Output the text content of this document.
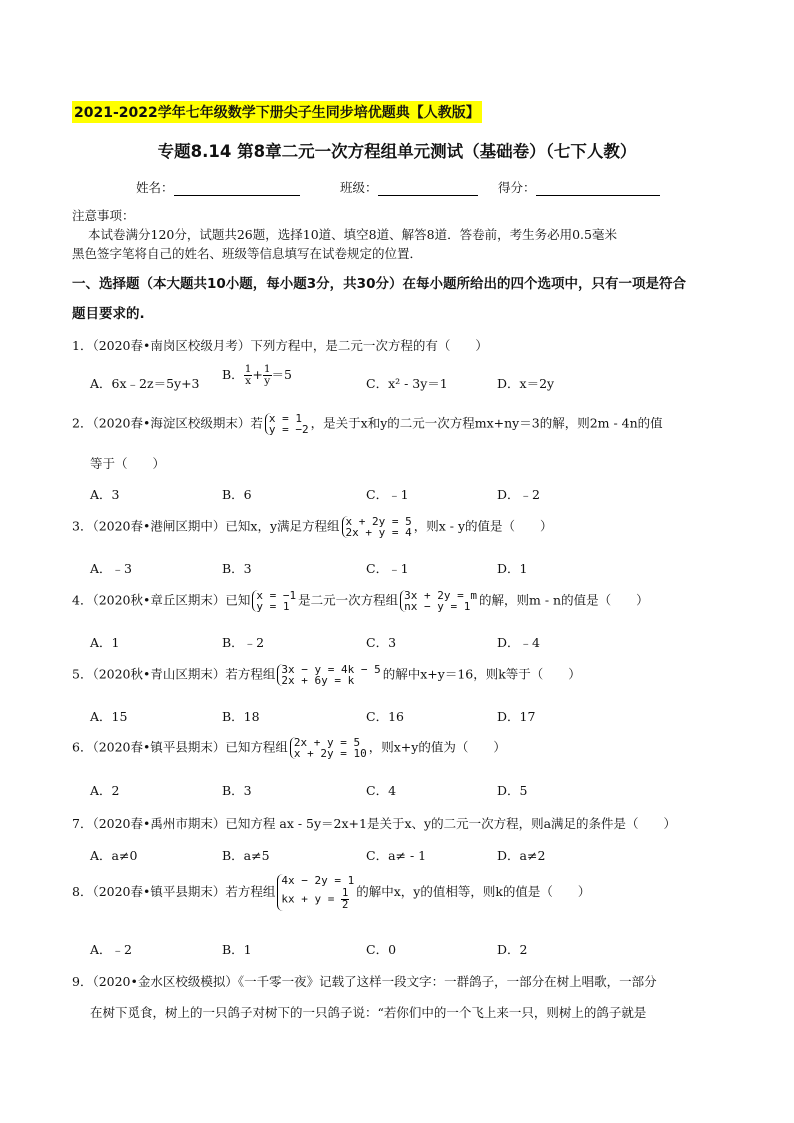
2021-2022学年七年级数学下册尖子生同步培优题典【人教版】
专题8.14 第8章二元一次方程组单元测试（基础卷）（七下人教）
姓名：	班级：	得分：
注意事项：
本试卷满分120分，试题共26题，选择10道、填空8道、解答8道．答卷前，考生务必用0.5毫米
黑色签字笔将自己的姓名、班级等信息填写在试卷规定的位置．
一、选择题（本大题共10小题，每小题3分，共30分）在每小题所给出的四个选项中，只有一项是符合
题目要求的.
1．（2020春•南岗区校级月考）下列方程中，是二元一次方程的有（　　）
A．6x﹣2z＝5y+3
B． $\frac{1}{x} + \frac{1}{y} =5$
C．x² - 3y＝1	D．x＝2y
2．（2020春•海淀区校级期末）若 x = 1
y = −2 ，是关于x和y的二元一次方程mx+ny＝3的解，则2m - 4n的值
等于（　　）
A．3	B．6	C．﹣1	D．﹣2
3．（2020春•港闸区期中）已知x，y满足方程组 x + 2y = 5
2x + y = 4 ，则x - y的值是（　　）
A．﹣3	B．3	C．﹣1	D．1
4．（2020秋•章丘区期末）已知 x = −1
y = 1 是二元一次方程组 3x + 2y = m
nx − y = 1 的解，则m - n的值是（　　）
A．1	B．﹣2	C．3	D．﹣4
5．（2020秋•青山区期末）若方程组 3x − y = 4k − 5
2x + 6y = k 的解中x+y＝16，则k等于（　　）
A．15	B．18	C．16	D．17
6．（2020春•镇平县期末）已知方程组 2x + y = 5
x + 2y = 10 ，则x+y的值为（　　）
A．2	B．3	C．4	D．5
7．（2020春•禹州市期末）已知方程 ax - 5y＝2x+1是关于x、y的二元一次方程，则a满足的条件是（　　）
A．a≠0	B．a≠5	C．a≠ - 1	D．a≠2
8．（2020春•镇平县期末）若方程组4x − 2y = 1
kx + $y = \frac{1}{2}$ 的解中x，y的值相等，则k的值是（　　）
A．﹣2	B．1	C．0	D．2
9．（2020•金水区校级模拟）《一千零一夜》记载了这样一段文字：一群鸽子，一部分在树上唱歌，一部分
在树下觅食，树上的一只鸽子对树下的一只鸽子说：“若你们中的一个飞上来一只，则树上的鸽子就是
